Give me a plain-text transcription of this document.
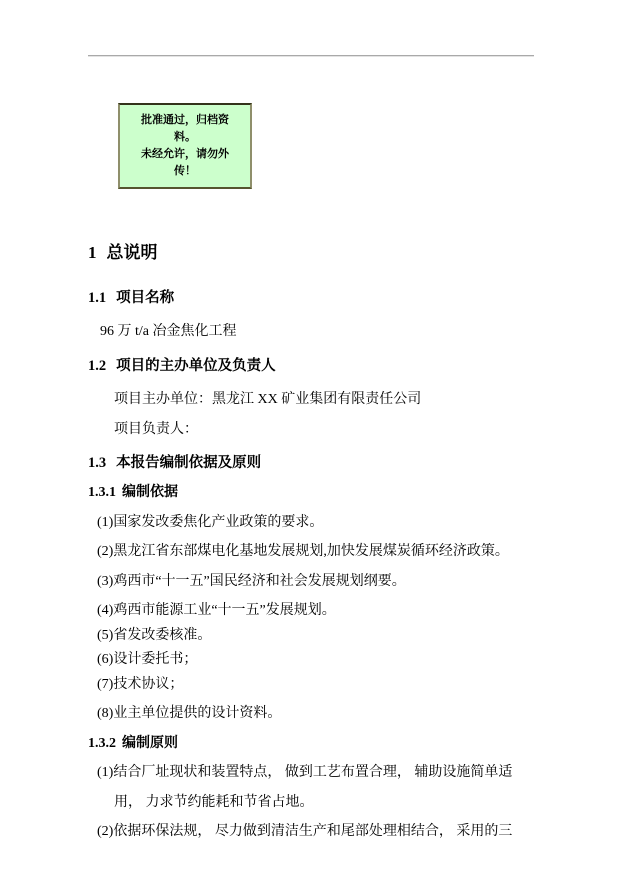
批准通过，归档资
料。
未经允许，请勿外
传！
1 总说明
1.1 项目名称

96 万 t/a 冶金焦化工程

1.2 项目的主办单位及负责人

项目主办单位：黑龙江 XX 矿业集团有限责任公司

项目负责人：

1.3 本报告编制依据及原则
1.3.1 编制依据

(1)国家发改委焦化产业政策的要求。

(2)黑龙江省东部煤电化基地发展规划,加快发展煤炭循环经济政策。

(3)鸡西市“十一五”国民经济和社会发展规划纲要。

(4)鸡西市能源工业“十一五”发展规划。

(5)省发改委核准。

(6)设计委托书；

(7)技术协议；

(8)业主单位提供的设计资料。

1.3.2 编制原则

(1)结合厂址现状和装置特点， 做到工艺布置合理， 辅助设施简单适

用， 力求节约能耗和节省占地。

(2)依据环保法规， 尽力做到清洁生产和尾部处理相结合， 采用的三
